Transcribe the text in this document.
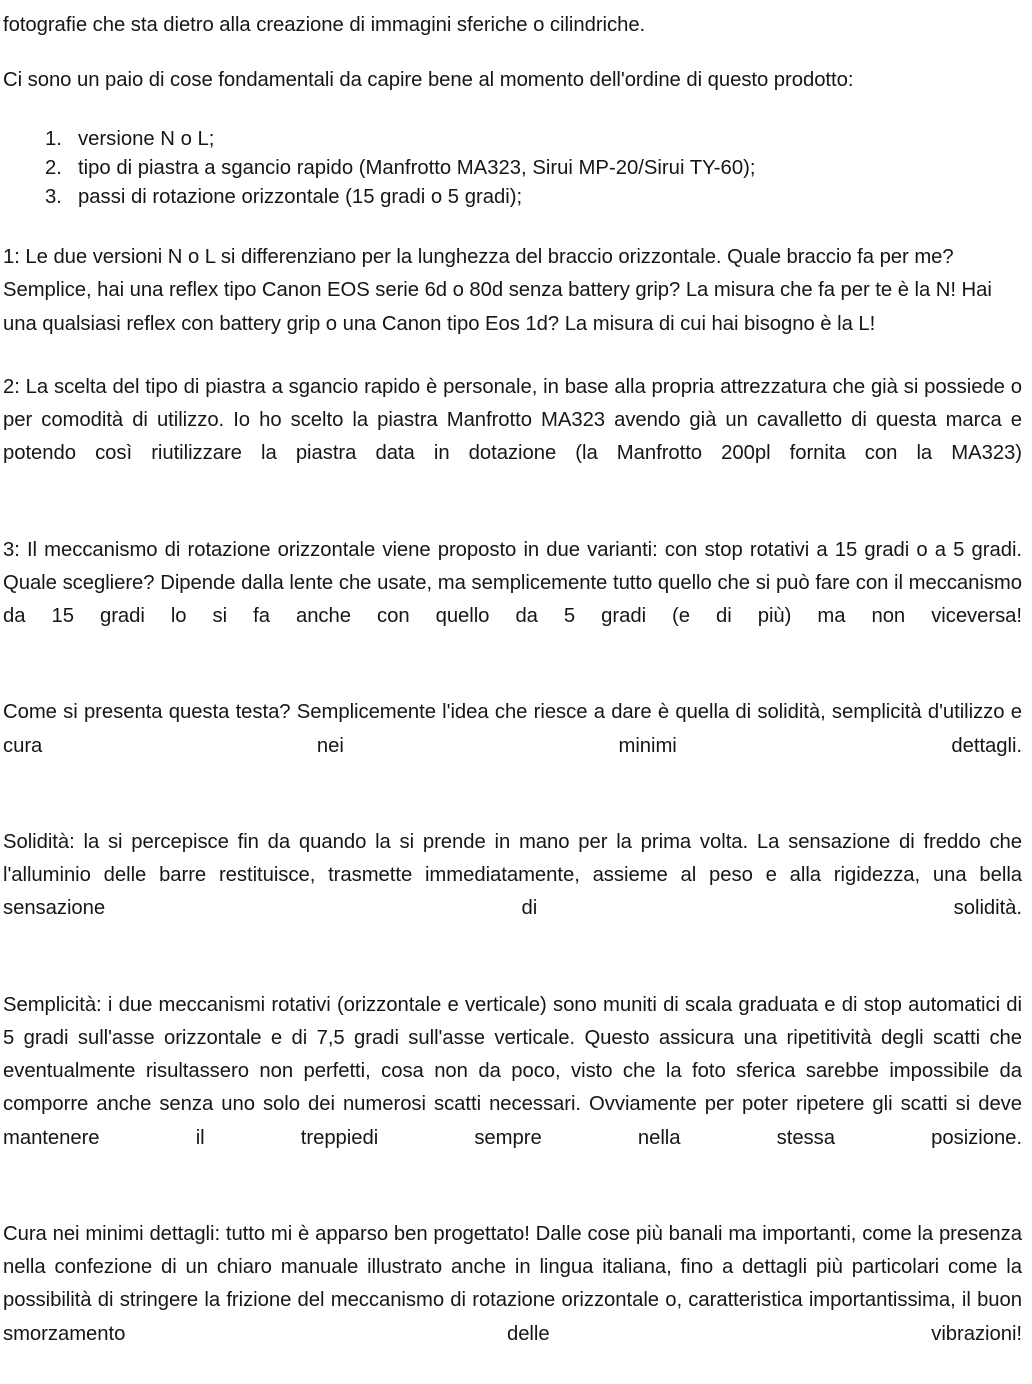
fotografie che sta dietro alla creazione di immagini sferiche o cilindriche.

Ci sono un paio di cose fondamentali da capire bene al momento dell'ordine di questo prodotto:

1. versione N o L;
2. tipo di piastra a sgancio rapido (Manfrotto MA323, Sirui MP-20/Sirui TY-60);
3. passi di rotazione orizzontale (15 gradi o 5 gradi);

1: Le due versioni N o L si differenziano per la lunghezza del braccio orizzontale. Quale braccio fa per me? Semplice, hai una reflex tipo Canon EOS serie 6d o 80d senza battery grip? La misura che fa per te è la N! Hai una qualsiasi reflex con battery grip o una Canon tipo Eos 1d? La misura di cui hai bisogno è la L!

2: La scelta del tipo di piastra a sgancio rapido è personale, in base alla propria attrezzatura che già si possiede o per comodità di utilizzo. Io ho scelto la piastra Manfrotto MA323 avendo già un cavalletto di questa marca e potendo così riutilizzare la piastra data in dotazione (la Manfrotto 200pl fornita con la MA323)

3: Il meccanismo di rotazione orizzontale viene proposto in due varianti: con stop rotativi a 15 gradi o a 5 gradi. Quale scegliere? Dipende dalla lente che usate, ma semplicemente tutto quello che si può fare con il meccanismo da 15 gradi lo si fa anche con quello da 5 gradi (e di più) ma non viceversa!

Come si presenta questa testa? Semplicemente l'idea che riesce a dare è quella di solidità, semplicità d'utilizzo e cura nei minimi dettagli.

Solidità: la si percepisce fin da quando la si prende in mano per la prima volta. La sensazione di freddo che l'alluminio delle barre restituisce, trasmette immediatamente, assieme al peso e alla rigidezza, una bella sensazione di solidità.

Semplicità: i due meccanismi rotativi (orizzontale e verticale) sono muniti di scala graduata e di stop automatici di 5 gradi sull'asse orizzontale e di 7,5 gradi sull'asse verticale. Questo assicura una ripetitività degli scatti che eventualmente risultassero non perfetti, cosa non da poco, visto che la foto sferica sarebbe impossibile da comporre anche senza uno solo dei numerosi scatti necessari. Ovviamente per poter ripetere gli scatti si deve mantenere il treppiedi sempre nella stessa posizione.

Cura nei minimi dettagli: tutto mi è apparso ben progettato! Dalle cose più banali ma importanti, come la presenza nella confezione di un chiaro manuale illustrato anche in lingua italiana, fino a dettagli più particolari come la possibilità di stringere la frizione del meccanismo di rotazione orizzontale o, caratteristica importantissima, il buon smorzamento delle vibrazioni!
